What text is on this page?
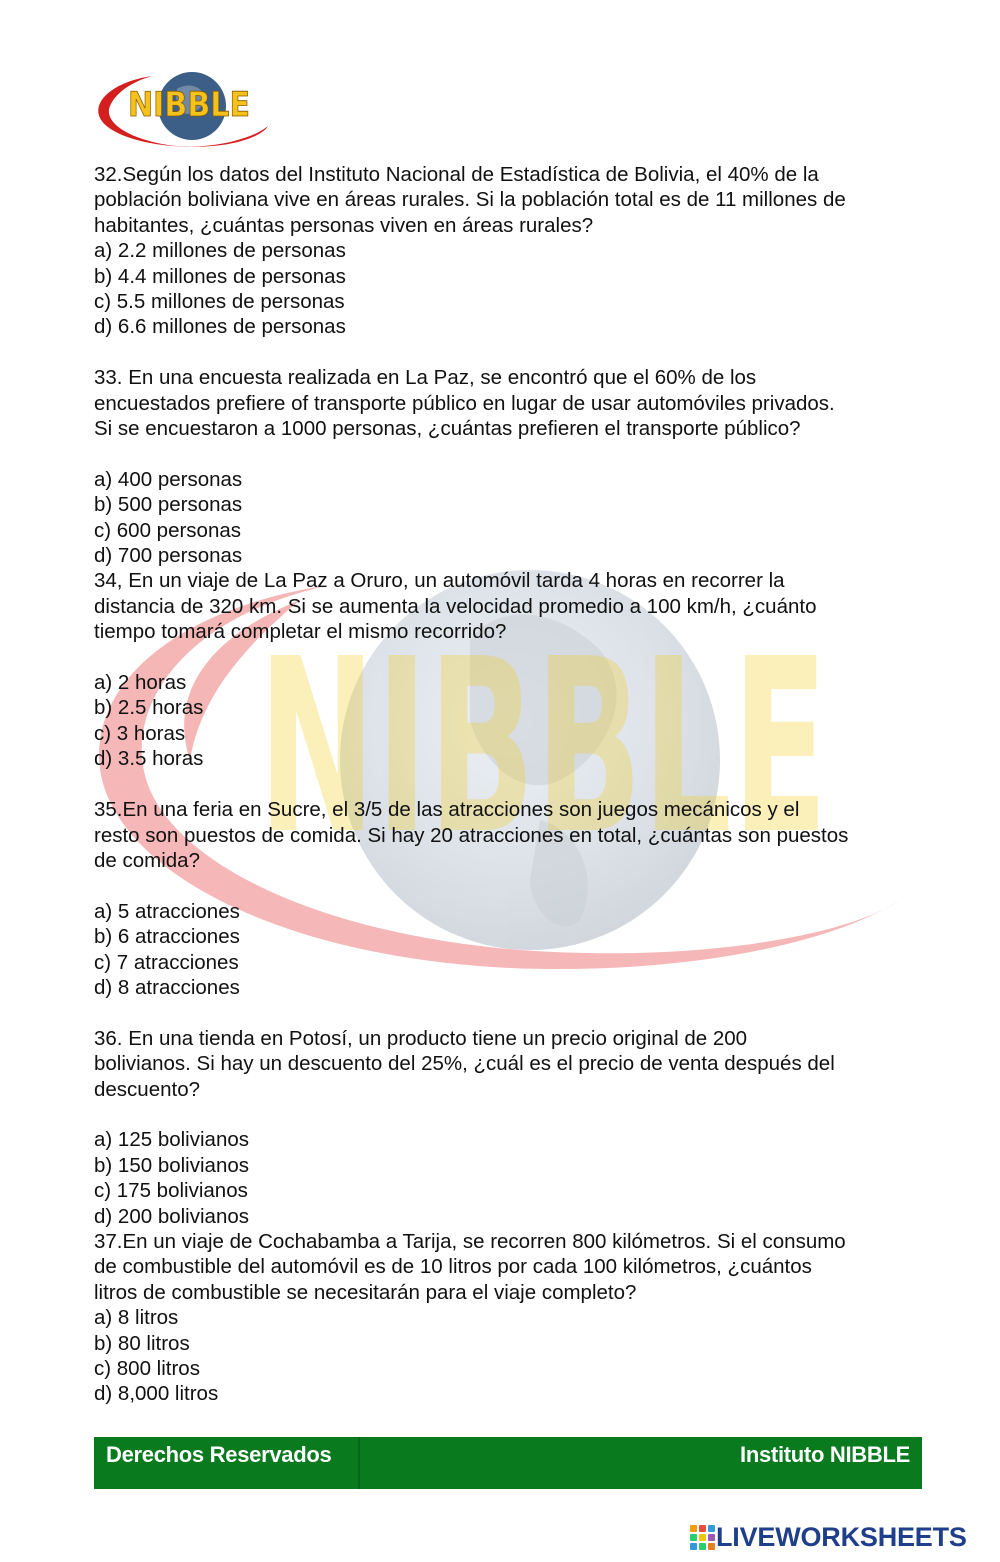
NIBBLE
NIBBLE

32.Según los datos del Instituto Nacional de Estadística de Bolivia, el 40% de la

población boliviana vive en áreas rurales. Si la población total es de 11 millones de

habitantes, ¿cuántas personas viven en áreas rurales?

a) 2.2 millones de personas

b) 4.4 millones de personas

c) 5.5 millones de personas

d) 6.6 millones de personas

33. En una encuesta realizada en La Paz, se encontró que el 60% de los

encuestados prefiere of transporte público en lugar de usar automóviles privados.

Si se encuestaron a 1000 personas, ¿cuántas prefieren el transporte público?

a) 400 personas

b) 500 personas

c) 600 personas

d) 700 personas

34, En un viaje de La Paz a Oruro, un automóvil tarda 4 horas en recorrer la

distancia de 320 km. Si se aumenta la velocidad promedio a 100 km/h, ¿cuánto

tiempo tomará completar el mismo recorrido?

a) 2 horas

b) 2.5 horas

c) 3 horas

d) 3.5 horas

35.En una feria en Sucre, el 3/5 de las atracciones son juegos mecánicos y el

resto son puestos de comida. Si hay 20 atracciones en total, ¿cuántas son puestos

de comida?

a) 5 atracciones

b) 6 atracciones

c) 7 atracciones

d) 8 atracciones

36. En una tienda en Potosí, un producto tiene un precio original de 200

bolivianos. Si hay un descuento del 25%, ¿cuál es el precio de venta después del

descuento?

a) 125 bolivianos

b) 150 bolivianos

c) 175 bolivianos

d) 200 bolivianos

37.En un viaje de Cochabamba a Tarija, se recorren 800 kilómetros. Si el consumo

de combustible del automóvil es de 10 litros por cada 100 kilómetros, ¿cuántos

litros de combustible se necesitarán para el viaje completo?

a) 8 litros

b) 80 litros

c) 800 litros

d) 8,000 litros

Derechos Reservados	Instituto NIBBLE
LIVEWORKSHEETS
